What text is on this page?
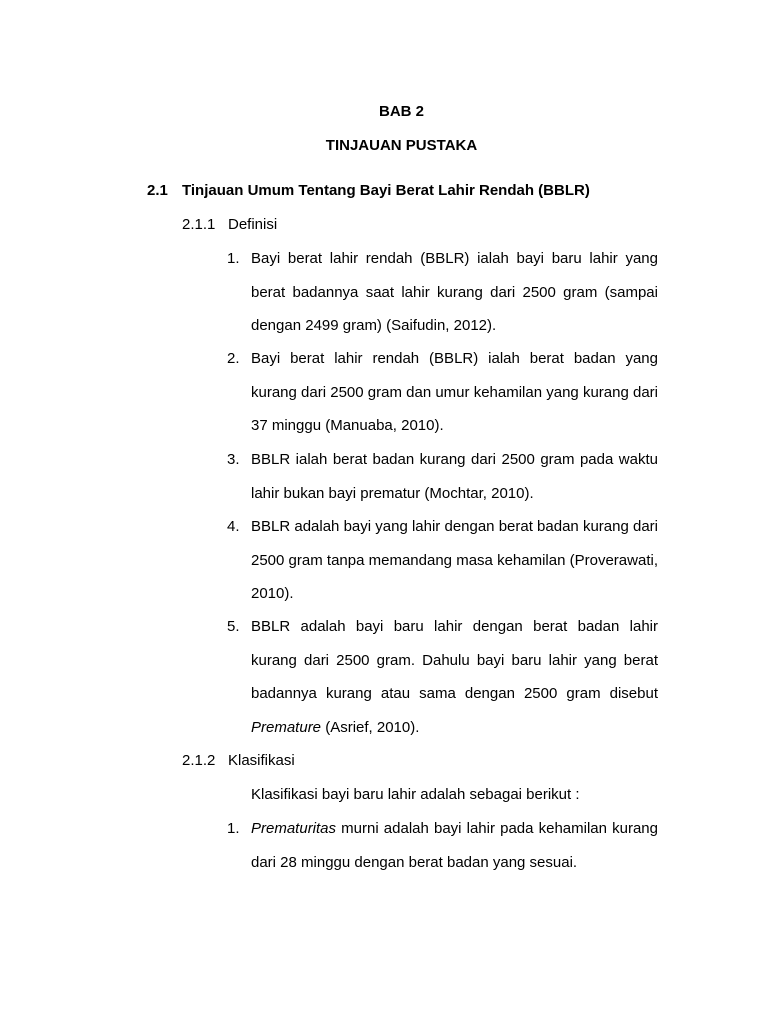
BAB 2
TINJAUAN PUSTAKA
2.1 Tinjauan Umum Tentang Bayi Berat Lahir Rendah (BBLR)
2.1.1 Definisi
1. Bayi berat lahir rendah (BBLR) ialah bayi baru lahir yang berat badannya saat lahir kurang dari 2500 gram (sampai dengan 2499 gram) (Saifudin, 2012).
2. Bayi berat lahir rendah (BBLR) ialah berat badan yang kurang dari 2500 gram dan umur kehamilan yang kurang dari 37 minggu (Manuaba, 2010).
3. BBLR ialah berat badan kurang dari 2500 gram pada waktu lahir bukan bayi prematur (Mochtar, 2010).
4. BBLR adalah bayi yang lahir dengan berat badan kurang dari 2500 gram tanpa memandang masa kehamilan (Proverawati, 2010).
5. BBLR adalah bayi baru lahir dengan berat badan lahir kurang dari 2500 gram. Dahulu bayi baru lahir yang berat badannya kurang atau sama dengan 2500 gram disebut Premature (Asrief, 2010).
2.1.2 Klasifikasi
Klasifikasi bayi baru lahir adalah sebagai berikut :
1. Prematuritas murni adalah bayi lahir pada kehamilan kurang dari 28 minggu dengan berat badan yang sesuai.
